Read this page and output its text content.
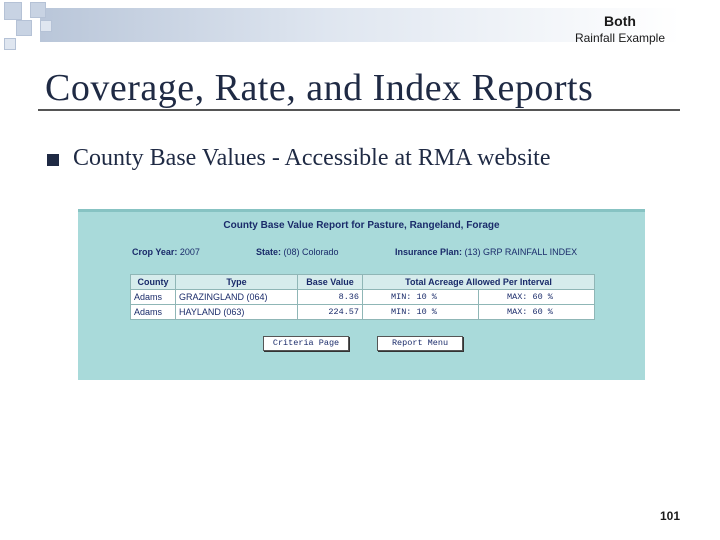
Both
Rainfall Example
Coverage, Rate, and Index Reports
County Base Values - Accessible at RMA website
County Base Value Report for Pasture, Rangeland, Forage
Crop Year: 2007	State: (08) Colorado	Insurance Plan: (13) GRP RAINFALL INDEX
County	Type	Base Value	Total Acreage Allowed Per Interval	
Adams	GRAZINGLAND (064)	8.36	MIN: 10 %	MAX: 60 %
Adams	HAYLAND (063)	224.57	MIN: 10 %	MAX: 60 %
Criteria Page	Report Menu
101
